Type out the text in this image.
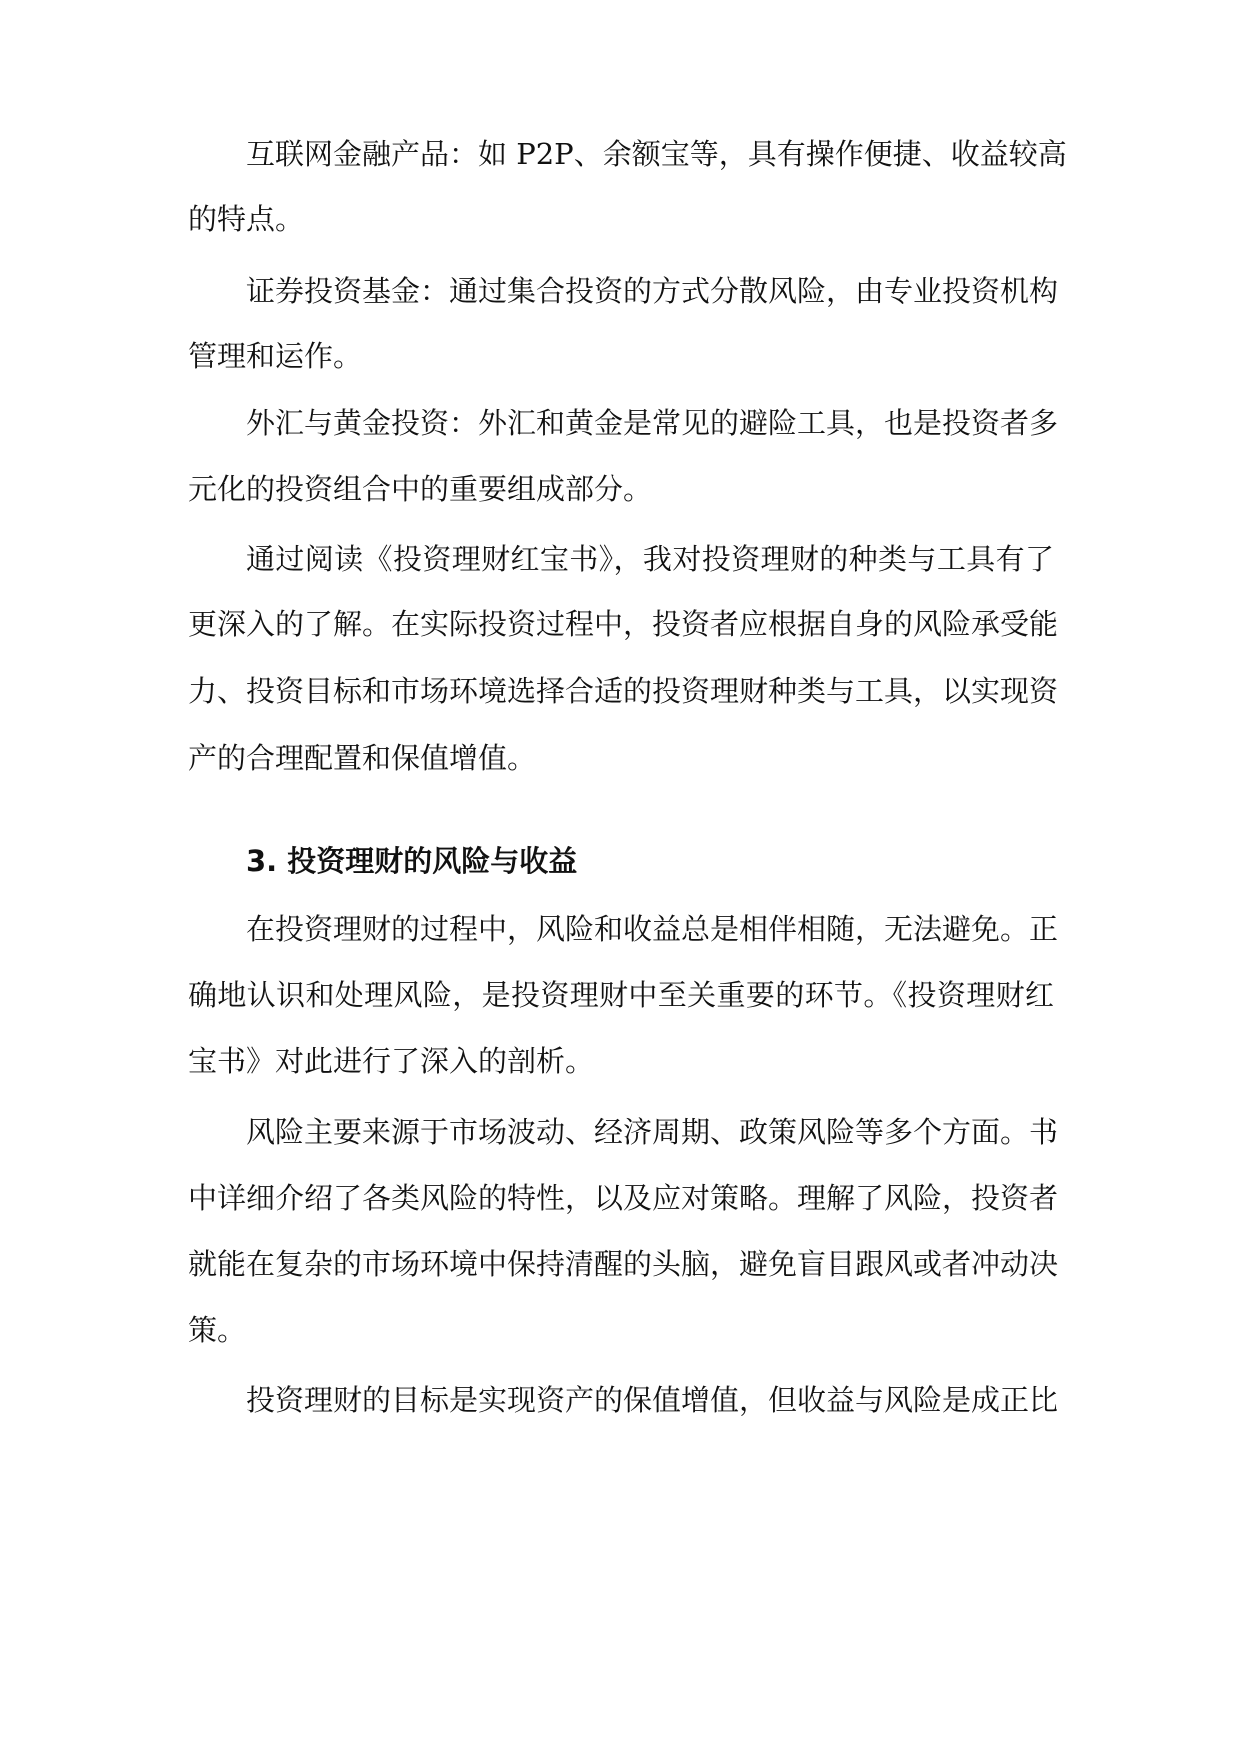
互联网金融产品：如 P2P、余额宝等，具有操作便捷、收益较高
的特点。
证券投资基金：通过集合投资的方式分散风险，由专业投资机构
管理和运作。
外汇与黄金投资：外汇和黄金是常见的避险工具，也是投资者多
元化的投资组合中的重要组成部分。
通过阅读《投资理财红宝书》，我对投资理财的种类与工具有了
更深入的了解。在实际投资过程中，投资者应根据自身的风险承受能
力、投资目标和市场环境选择合适的投资理财种类与工具，以实现资
产的合理配置和保值增值。
3. 投资理财的风险与收益
在投资理财的过程中，风险和收益总是相伴相随，无法避免。正
确地认识和处理风险，是投资理财中至关重要的环节。《投资理财红
宝书》对此进行了深入的剖析。
风险主要来源于市场波动、经济周期、政策风险等多个方面。书
中详细介绍了各类风险的特性，以及应对策略。理解了风险，投资者
就能在复杂的市场环境中保持清醒的头脑，避免盲目跟风或者冲动决
策。
投资理财的目标是实现资产的保值增值，但收益与风险是成正比
